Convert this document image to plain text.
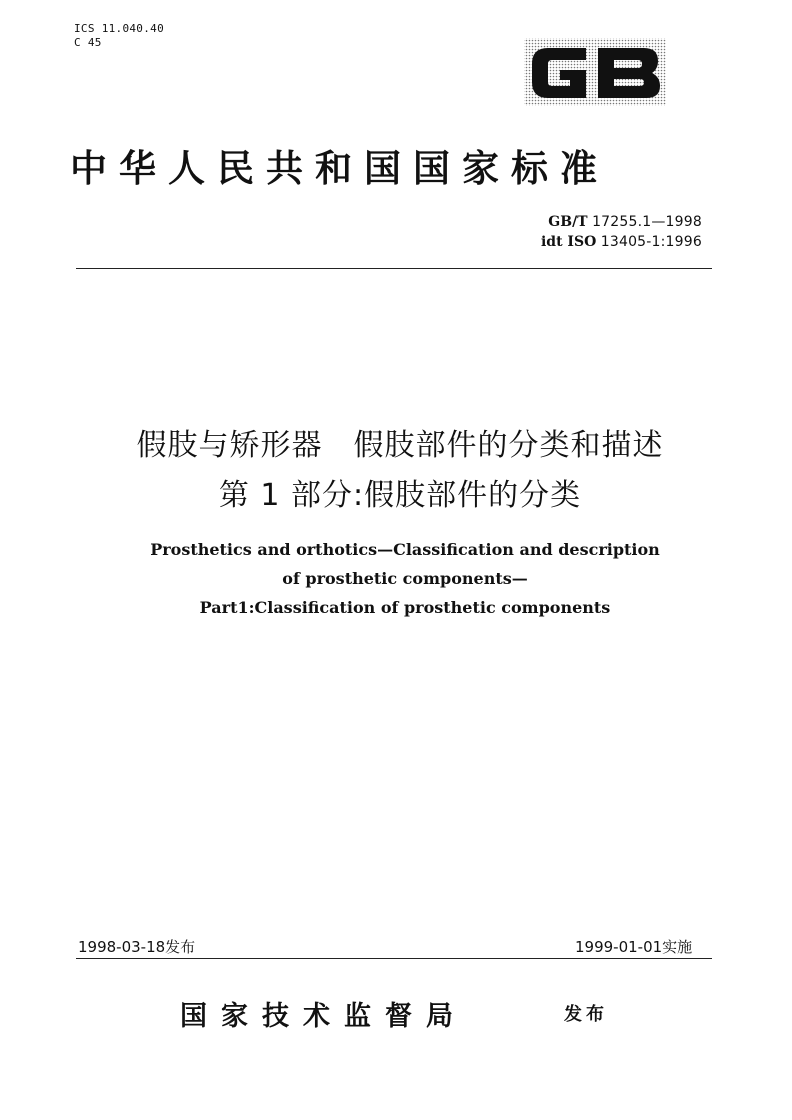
ICS 11.040.40
C 45
中华人民共和国国家标准
GB/T 17255.1—1998
idt ISO 13405-1:1996
假肢与矫形器　假肢部件的分类和描述
第 1 部分:假肢部件的分类
Prosthetics and orthotics—Classification and description
of prosthetic components—
Part1:Classification of prosthetic components
1998-03-18发布	1999-01-01实施
国家技术监督局	发布
